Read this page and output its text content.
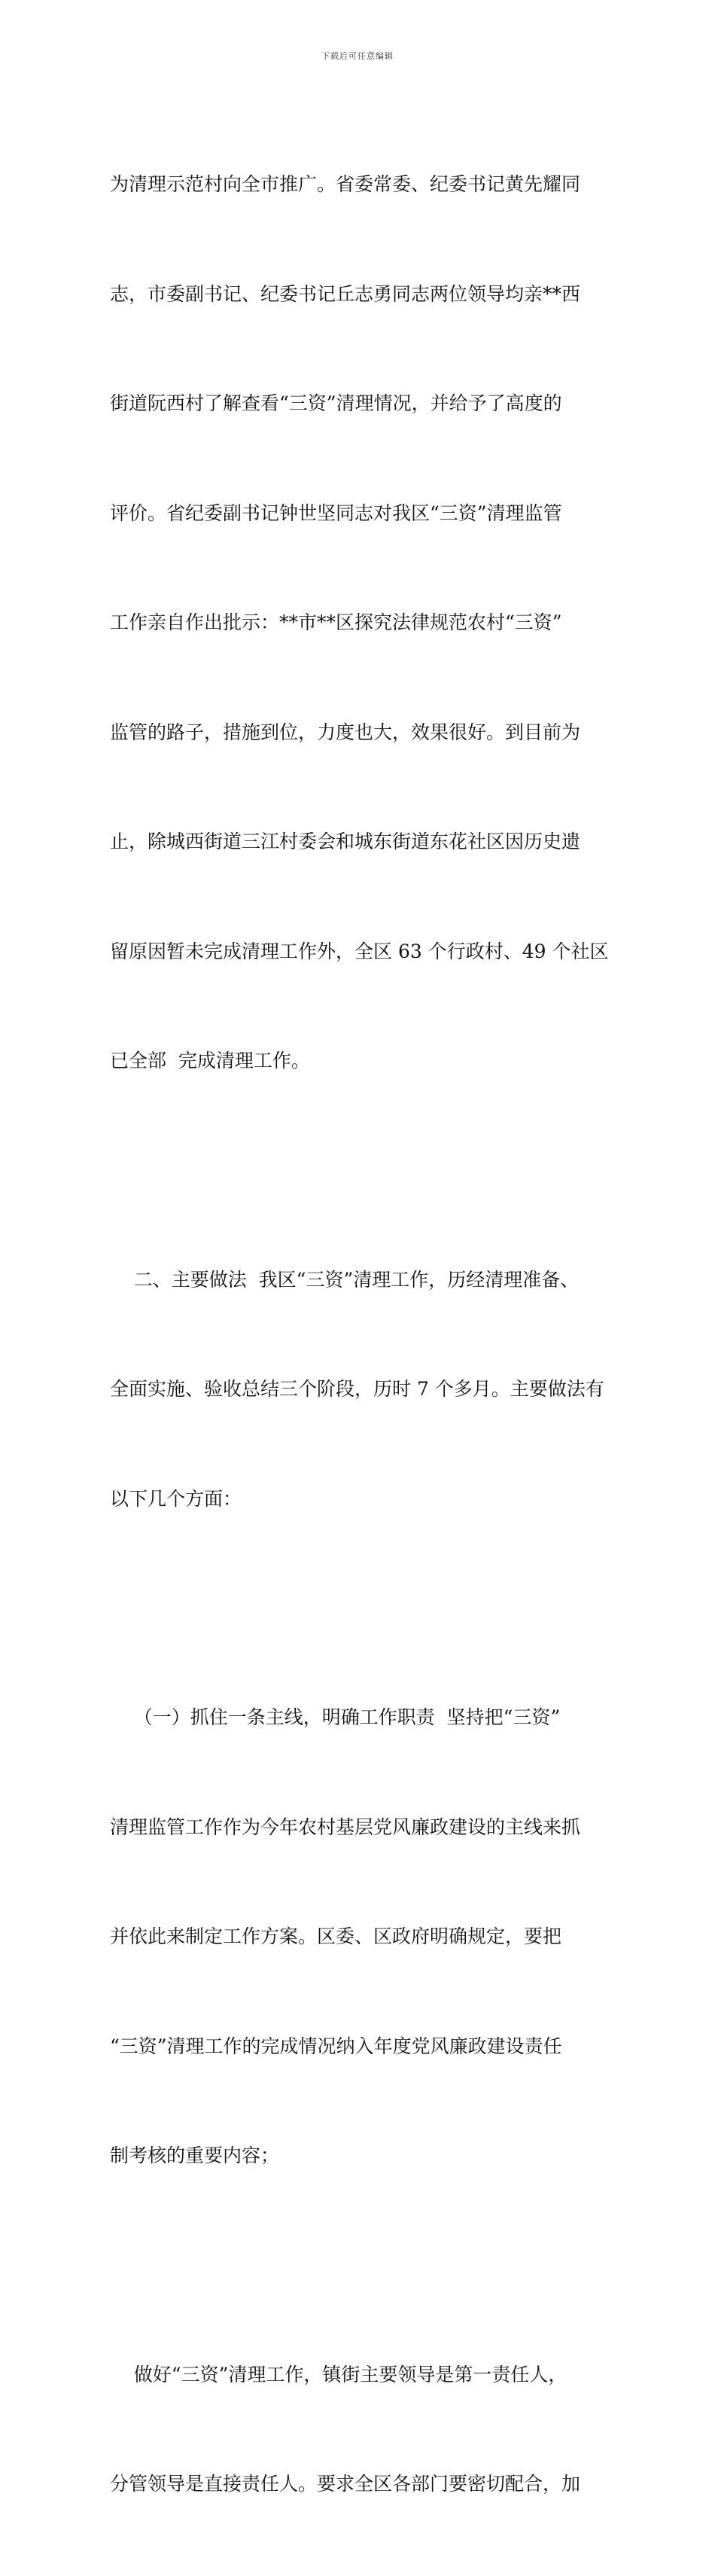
下载后可任意编辑

为清理示范村向全市推广。省委常委、纪委书记黄先耀同

志，市委副书记、纪委书记丘志勇同志两位领导均亲**西

街道阮西村了解查看“三资”清理情况，并给予了高度的

评价。省纪委副书记钟世坚同志对我区“三资”清理监管

工作亲自作出批示：**市**区探究法律规范农村“三资”

监管的路子，措施到位，力度也大，效果很好。到目前为

止，除城西街道三江村委会和城东街道东花社区因历史遗

留原因暂未完成清理工作外，全区 63 个行政村、49 个社区

已全部  完成清理工作。

二、主要做法  我区“三资”清理工作，历经清理准备、

全面实施、验收总结三个阶段，历时 7 个多月。主要做法有

以下几个方面：

（一）抓住一条主线，明确工作职责  坚持把“三资”

清理监管工作作为今年农村基层党风廉政建设的主线来抓

并依此来制定工作方案。区委、区政府明确规定，要把

“三资”清理工作的完成情况纳入年度党风廉政建设责任

制考核的重要内容；

做好“三资”清理工作，镇街主要领导是第一责任人，

分管领导是直接责任人。要求全区各部门要密切配合，加
